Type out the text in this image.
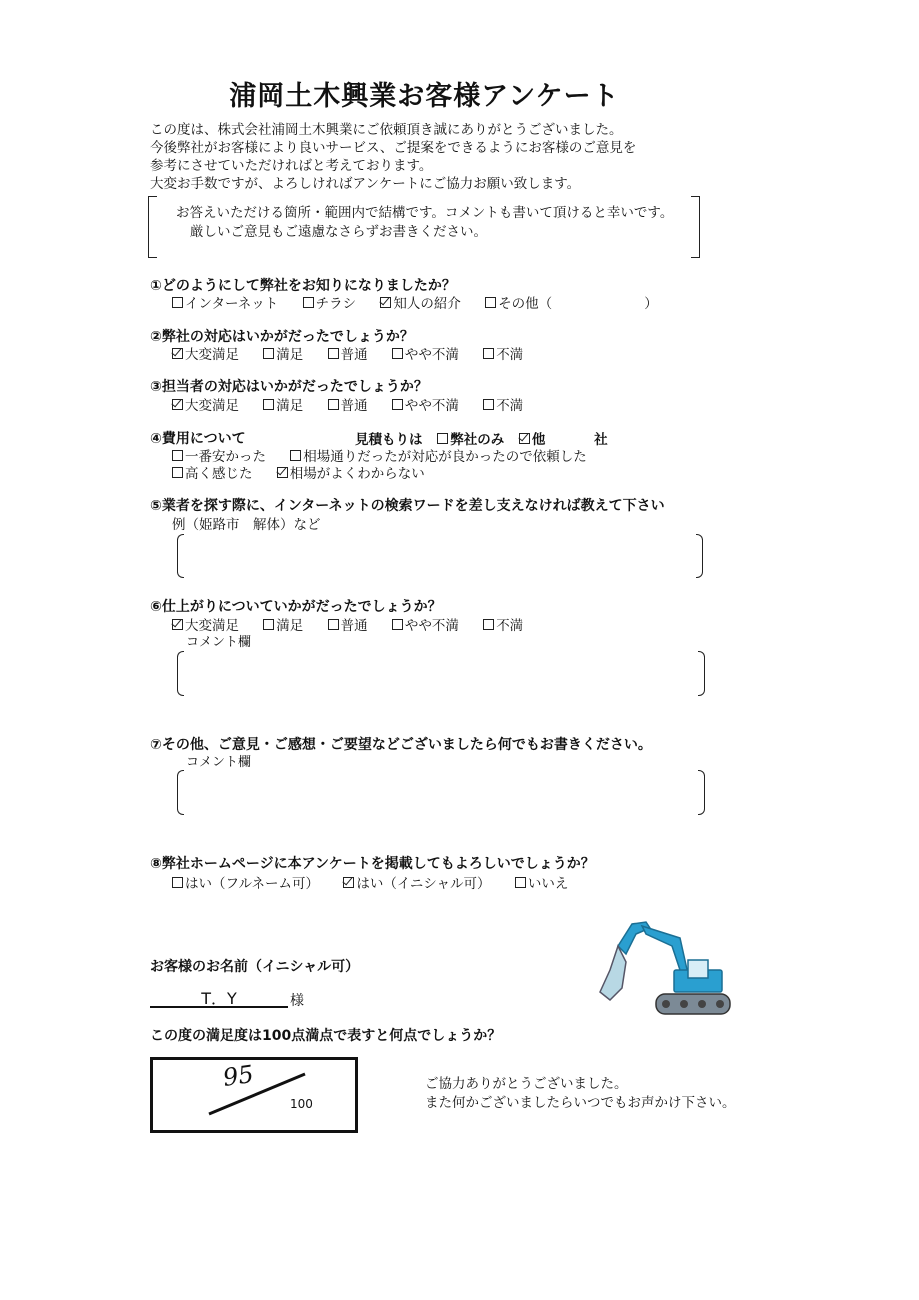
浦岡土木興業お客様アンケート
この度は、株式会社浦岡土木興業にご依頼頂き誠にありがとうございました。
今後弊社がお客様により良いサービス、ご提案をできるようにお客様のご意見を
参考にさせていただければと考えております。
大変お手数ですが、よろしければアンケートにご協力お願い致します。
お答えいただける箇所・範囲内で結構です。コメントも書いて頂けると幸いです。
厳しいご意見もご遠慮なさらずお書きください。
①どのようにして弊社をお知りになりましたか？
インターネット	チラシ	知人の紹介	その他（	）
②弊社の対応はいかがだったでしょうか？
大変満足	満足	普通	やや不満	不満
③担当者の対応はいかがだったでしょうか？
大変満足	満足	普通	やや不満	不満
④費用について	見積もりは 弊社のみ 他	社
一番安かった	相場通りだったが対応が良かったので依頼した
高く感じた	相場がよくわからない
⑤業者を探す際に、インターネットの検索ワードを差し支えなければ教えて下さい
例（姫路市　解体）など
⑥仕上がりについていかがだったでしょうか？
大変満足	満足	普通	やや不満	不満
コメント欄
⑦その他、ご意見・ご感想・ご要望などございましたら何でもお書きください。
コメント欄
⑧弊社ホームページに本アンケートを掲載してもよろしいでしょうか？
はい（フルネーム可）	はい（イニシャル可）	いいえ
お客様のお名前（イニシャル可）
T．Y	様
この度の満足度は100点満点で表すと何点でしょうか？
95
100
ご協力ありがとうございました。
また何かございましたらいつでもお声かけ下さい。
